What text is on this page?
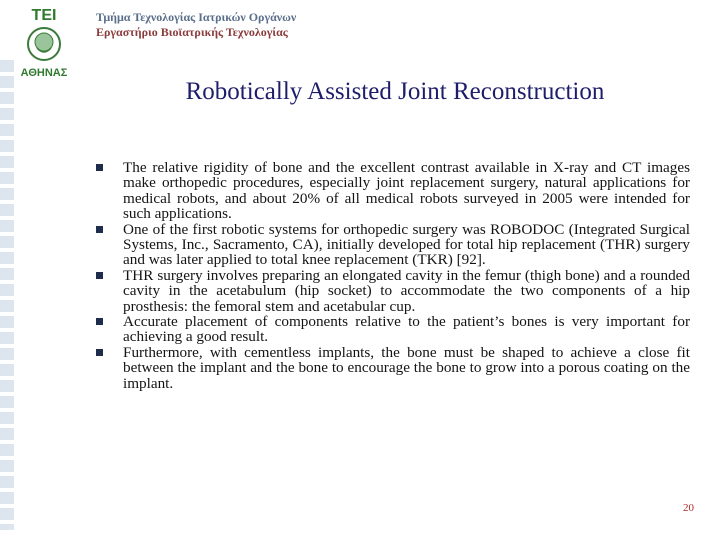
ΤΕΙ
ΑΘΗΝΑΣ
Τμήμα Τεχνολογίας Ιατρικών Οργάνων
Εργαστήριο Βιοϊατρικής Τεχνολογίας
Robotically Assisted Joint Reconstruction
The relative rigidity of bone and the excellent contrast available in X-ray and CT images make orthopedic procedures, especially joint replacement surgery, natural applications for medical robots, and about 20% of all medical robots surveyed in 2005 were intended for such applications.
One of the first robotic systems for orthopedic surgery was ROBODOC (Integrated Surgical Systems, Inc., Sacramento, CA), initially developed for total hip replacement (THR) surgery and was later applied to total knee replacement (TKR) [92].
THR surgery involves preparing an elongated cavity in the femur (thigh bone) and a rounded cavity in the acetabulum (hip socket) to accommodate the two components of a hip prosthesis: the femoral stem and acetabular cup.
Accurate placement of components relative to the patient’s bones is very important for achieving a good result.
Furthermore, with cementless implants, the bone must be shaped to achieve a close fit between the implant and the bone to encourage the bone to grow into a porous coating on the implant.
20
